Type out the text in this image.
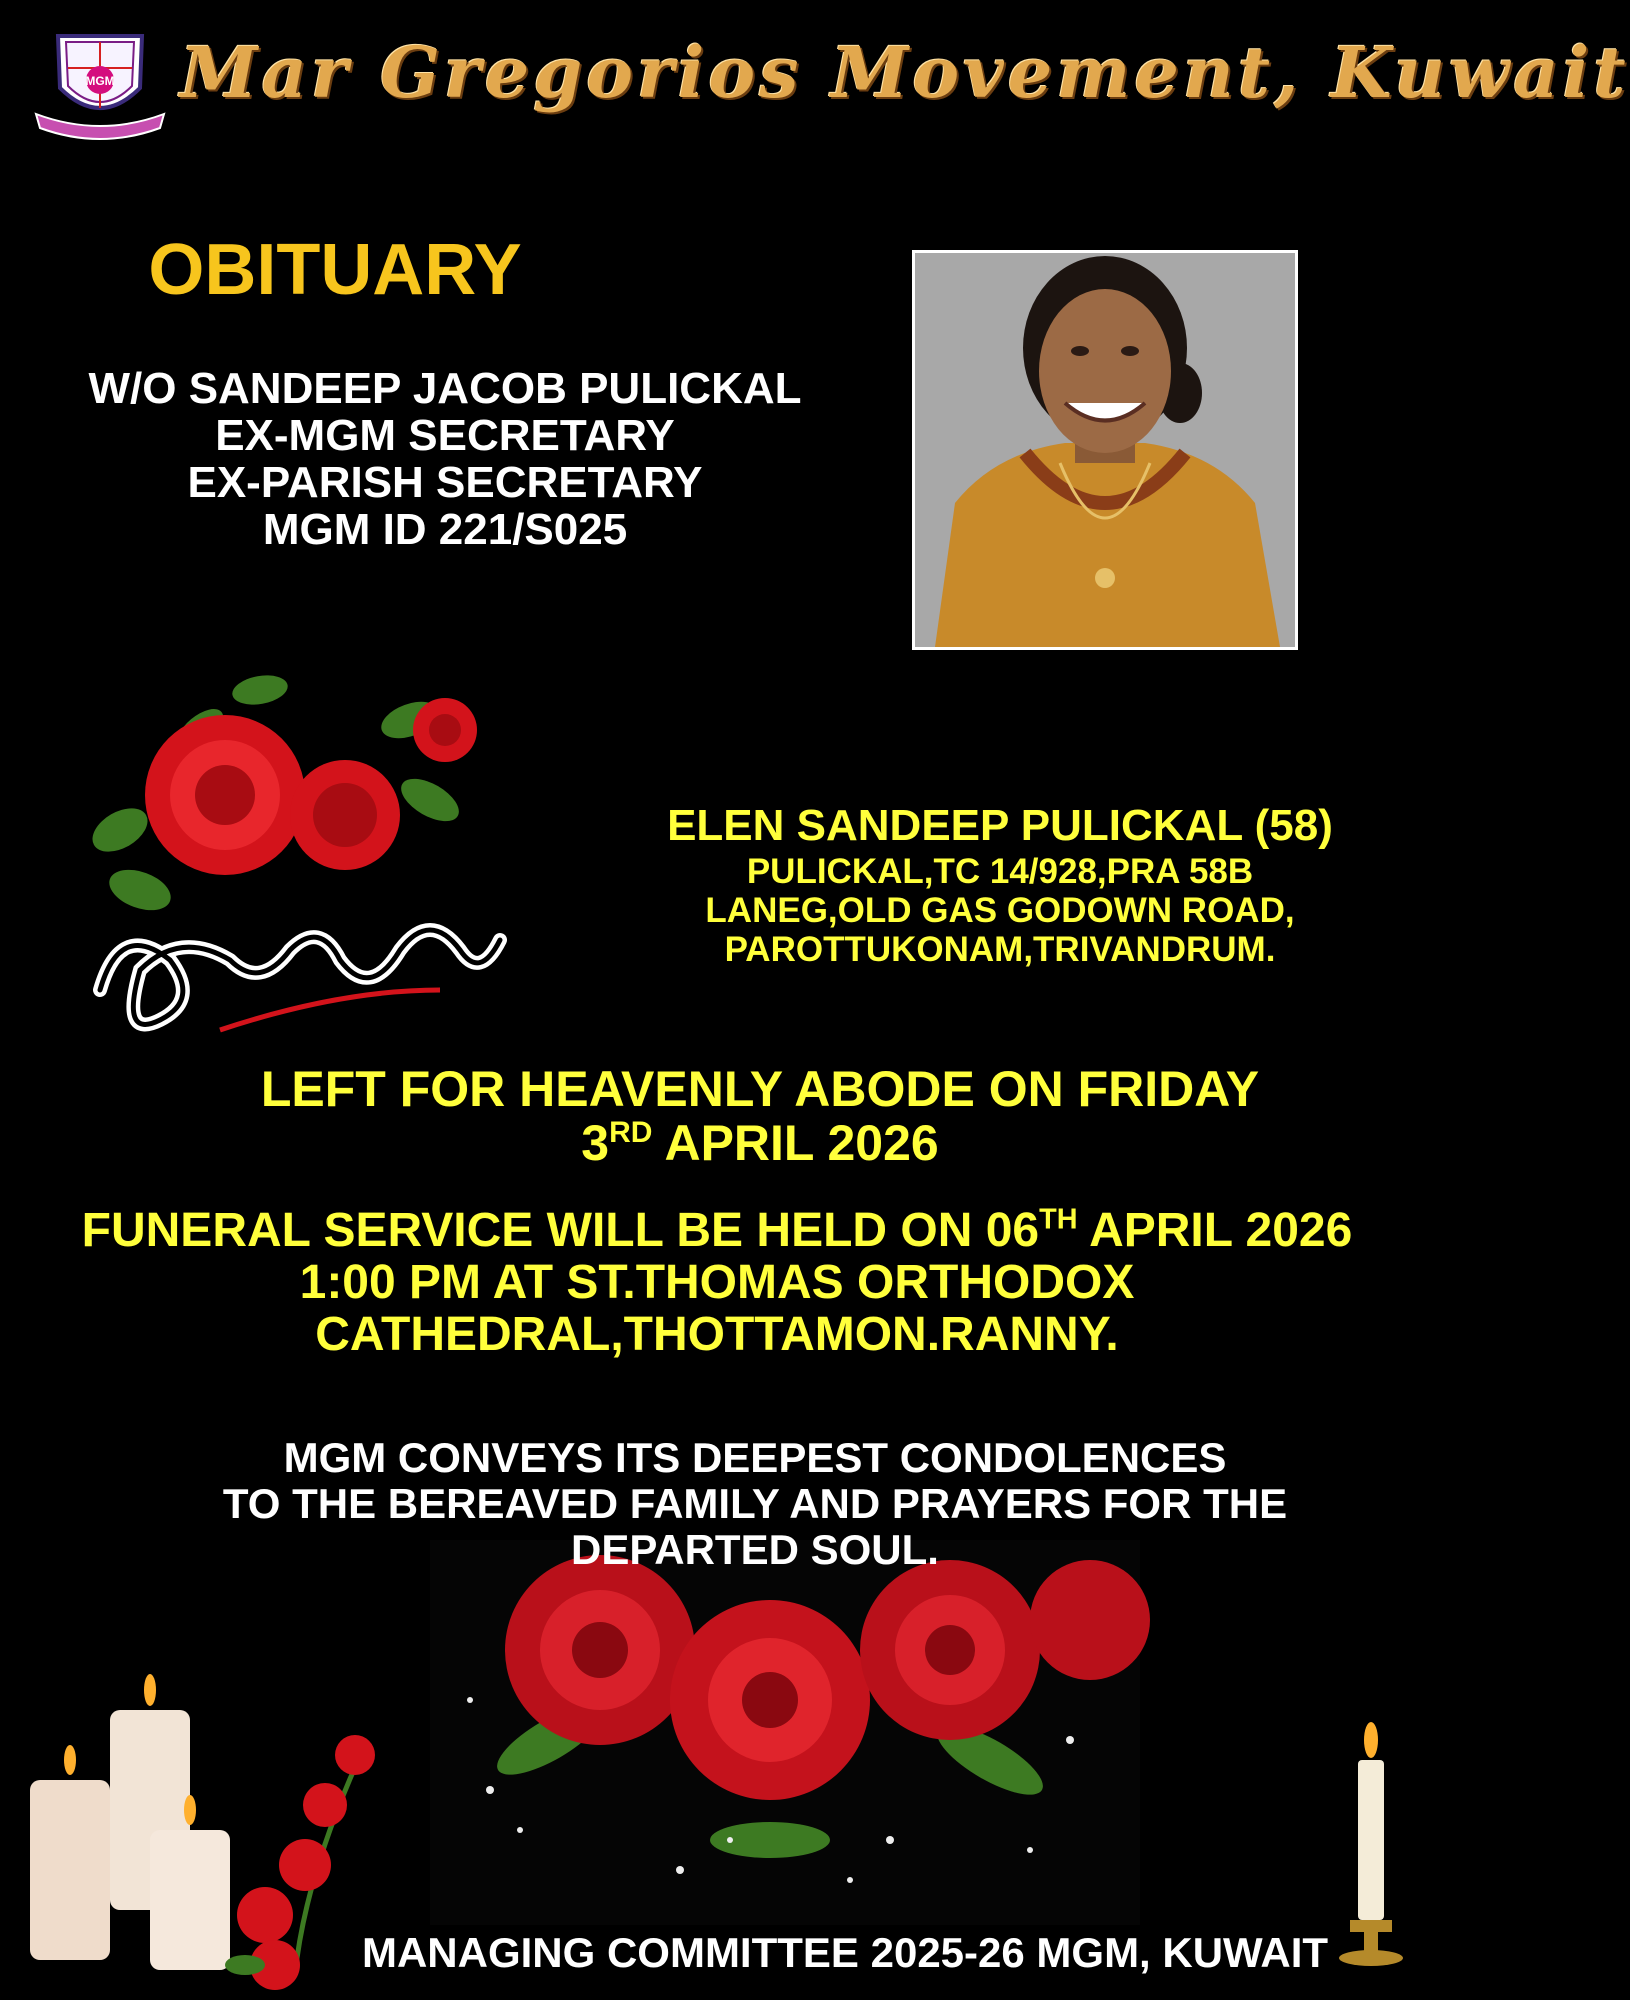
MGM Mar Gregorios Movement, Kuwait
OBITUARY
W/O SANDEEP JACOB PULICKAL
EX-MGM SECRETARY
EX-PARISH SECRETARY
MGM ID 221/S025
ELEN SANDEEP PULICKAL (58)
PULICKAL,TC 14/928,PRA 58B
LANEG,OLD GAS GODOWN ROAD,
PAROTTUKONAM,TRIVANDRUM.
LEFT FOR HEAVENLY ABODE ON FRIDAY
3RD APRIL 2026
FUNERAL SERVICE WILL BE HELD ON 06TH APRIL 2026
1:00 PM AT ST.THOMAS ORTHODOX
CATHEDRAL,THOTTAMON.RANNY.
MGM CONVEYS ITS DEEPEST CONDOLENCES
TO THE BEREAVED FAMILY AND PRAYERS FOR THE
DEPARTED SOUL.
MANAGING COMMITTEE 2025-26 MGM, KUWAIT
